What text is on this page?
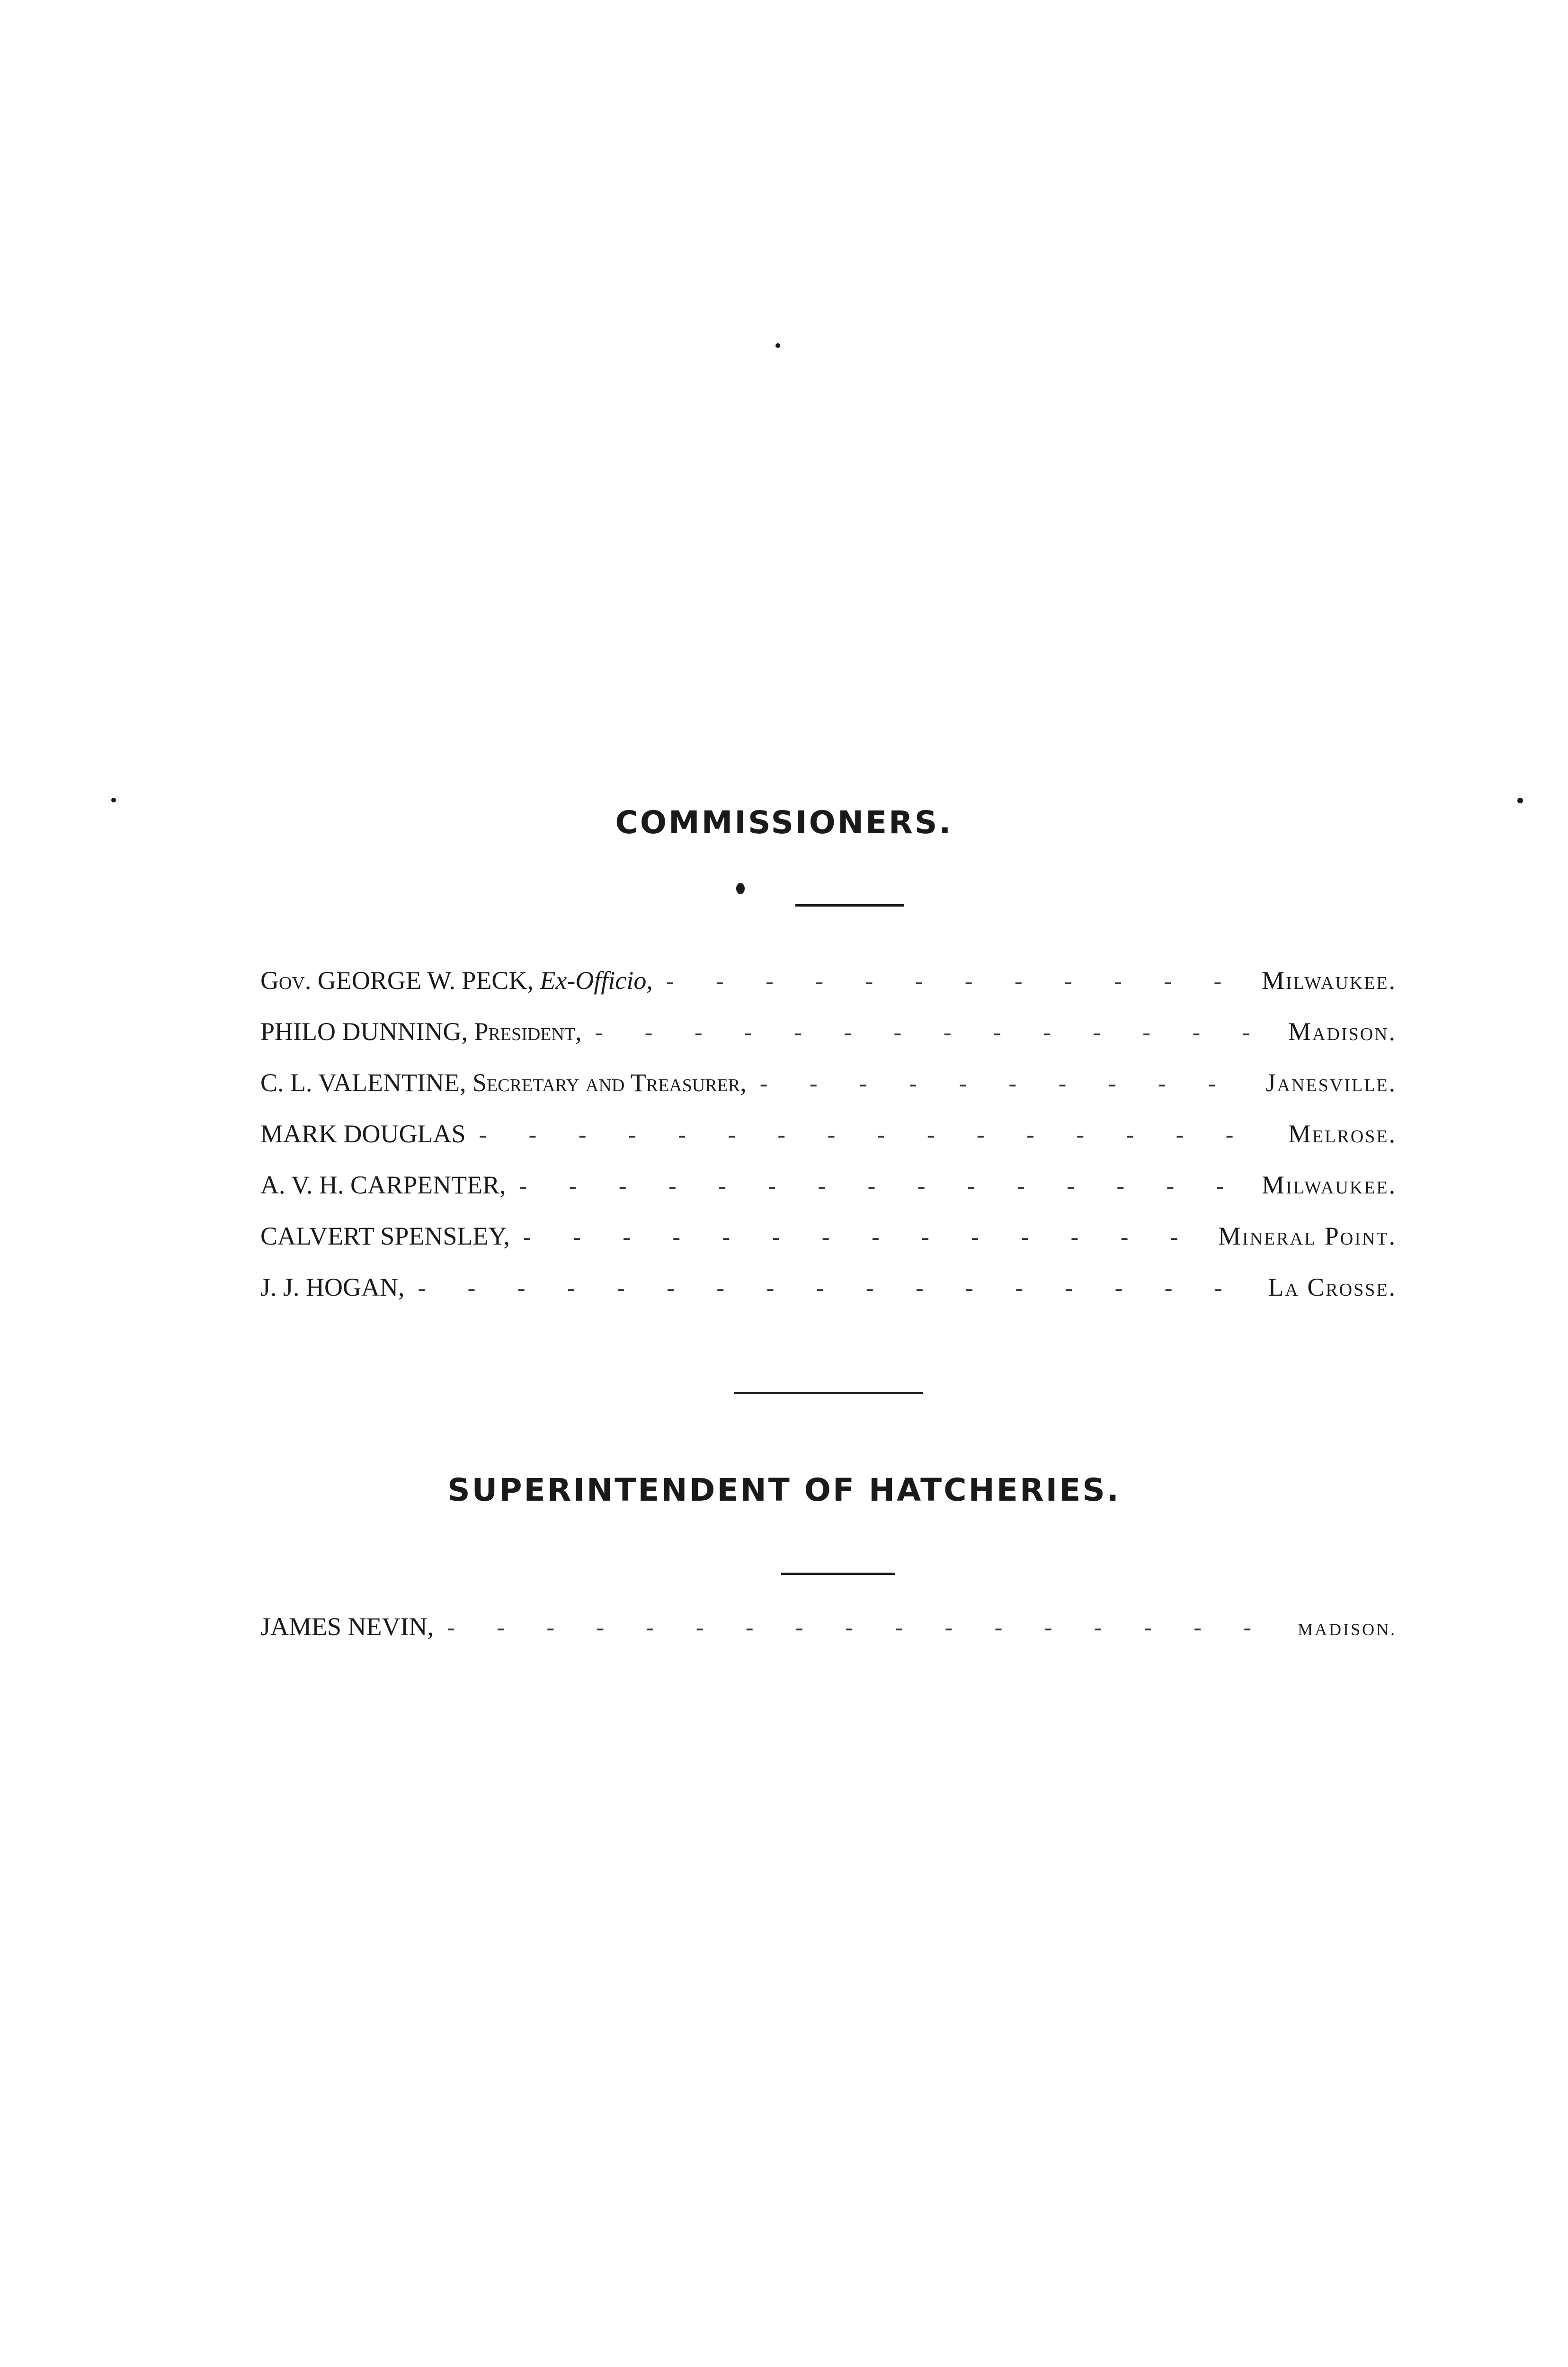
COMMISSIONERS.
Gov. GEORGE W. PECK, Ex-Officio, - - -	Milwaukee.
PHILO DUNNING, President, - - -	Madison.
C. L. VALENTINE, Secretary and Treasurer, - - -	Janesville.
MARK DOUGLAS - - -	Melrose.
A. V. H. CARPENTER, - - -	Milwaukee.
CALVERT SPENSLEY, - - -	Mineral Point.
J. J. HOGAN, - - -	La Crosse.
SUPERINTENDENT OF HATCHERIES.
JAMES NEVIN, - - -	MADISON.
